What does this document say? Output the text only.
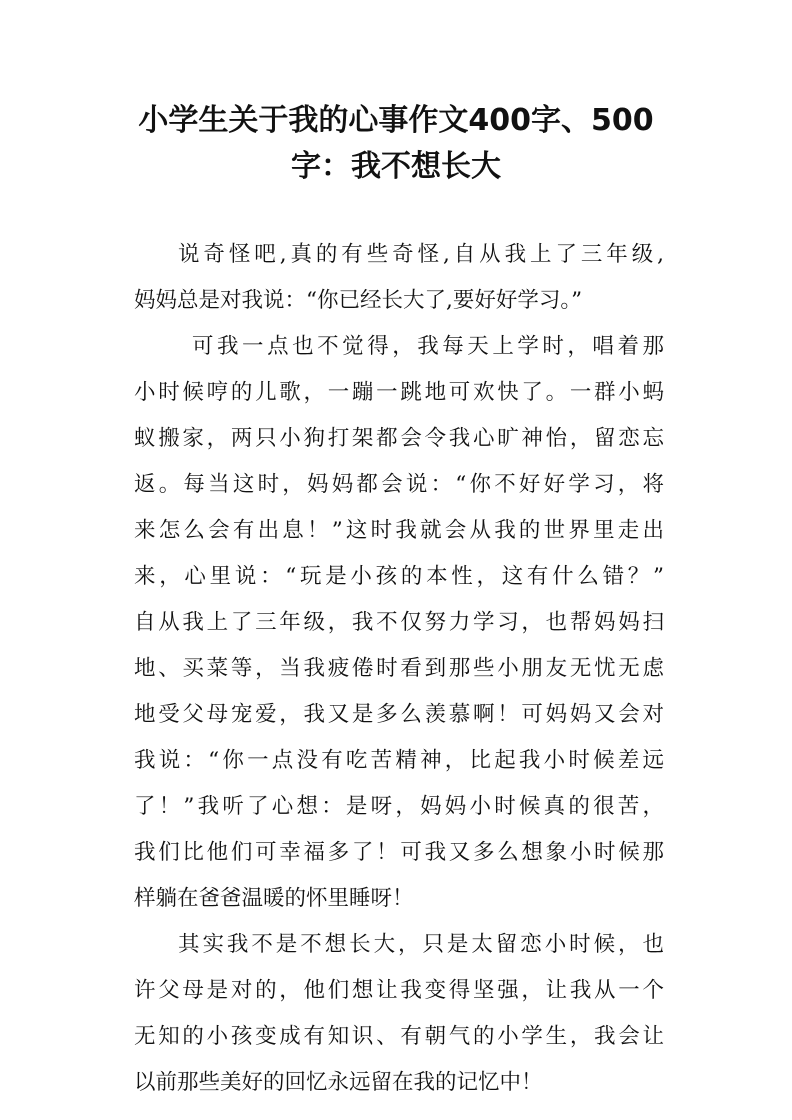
小学生关于我的心事作文400字、500
字：我不想长大
说奇怪吧,真的有些奇怪,自从我上了三年级,
妈妈总是对我说：“你已经长大了,要好好学习。”
可我一点也不觉得，我每天上学时，唱着那
小时候哼的儿歌，一蹦一跳地可欢快了。一群小蚂
蚁搬家，两只小狗打架都会令我心旷神怡，留恋忘
返。每当这时，妈妈都会说：“你不好好学习，将
来怎么会有出息！”这时我就会从我的世界里走出
来，心里说：“玩是小孩的本性，这有什么错？”
自从我上了三年级，我不仅努力学习，也帮妈妈扫
地、买菜等，当我疲倦时看到那些小朋友无忧无虑
地受父母宠爱，我又是多么羡慕啊！可妈妈又会对
我说：“你一点没有吃苦精神，比起我小时候差远
了！”我听了心想：是呀，妈妈小时候真的很苦，
我们比他们可幸福多了！可我又多么想象小时候那
样躺在爸爸温暖的怀里睡呀！
其实我不是不想长大，只是太留恋小时候，也
许父母是对的，他们想让我变得坚强，让我从一个
无知的小孩变成有知识、有朝气的小学生，我会让
以前那些美好的回忆永远留在我的记忆中！
